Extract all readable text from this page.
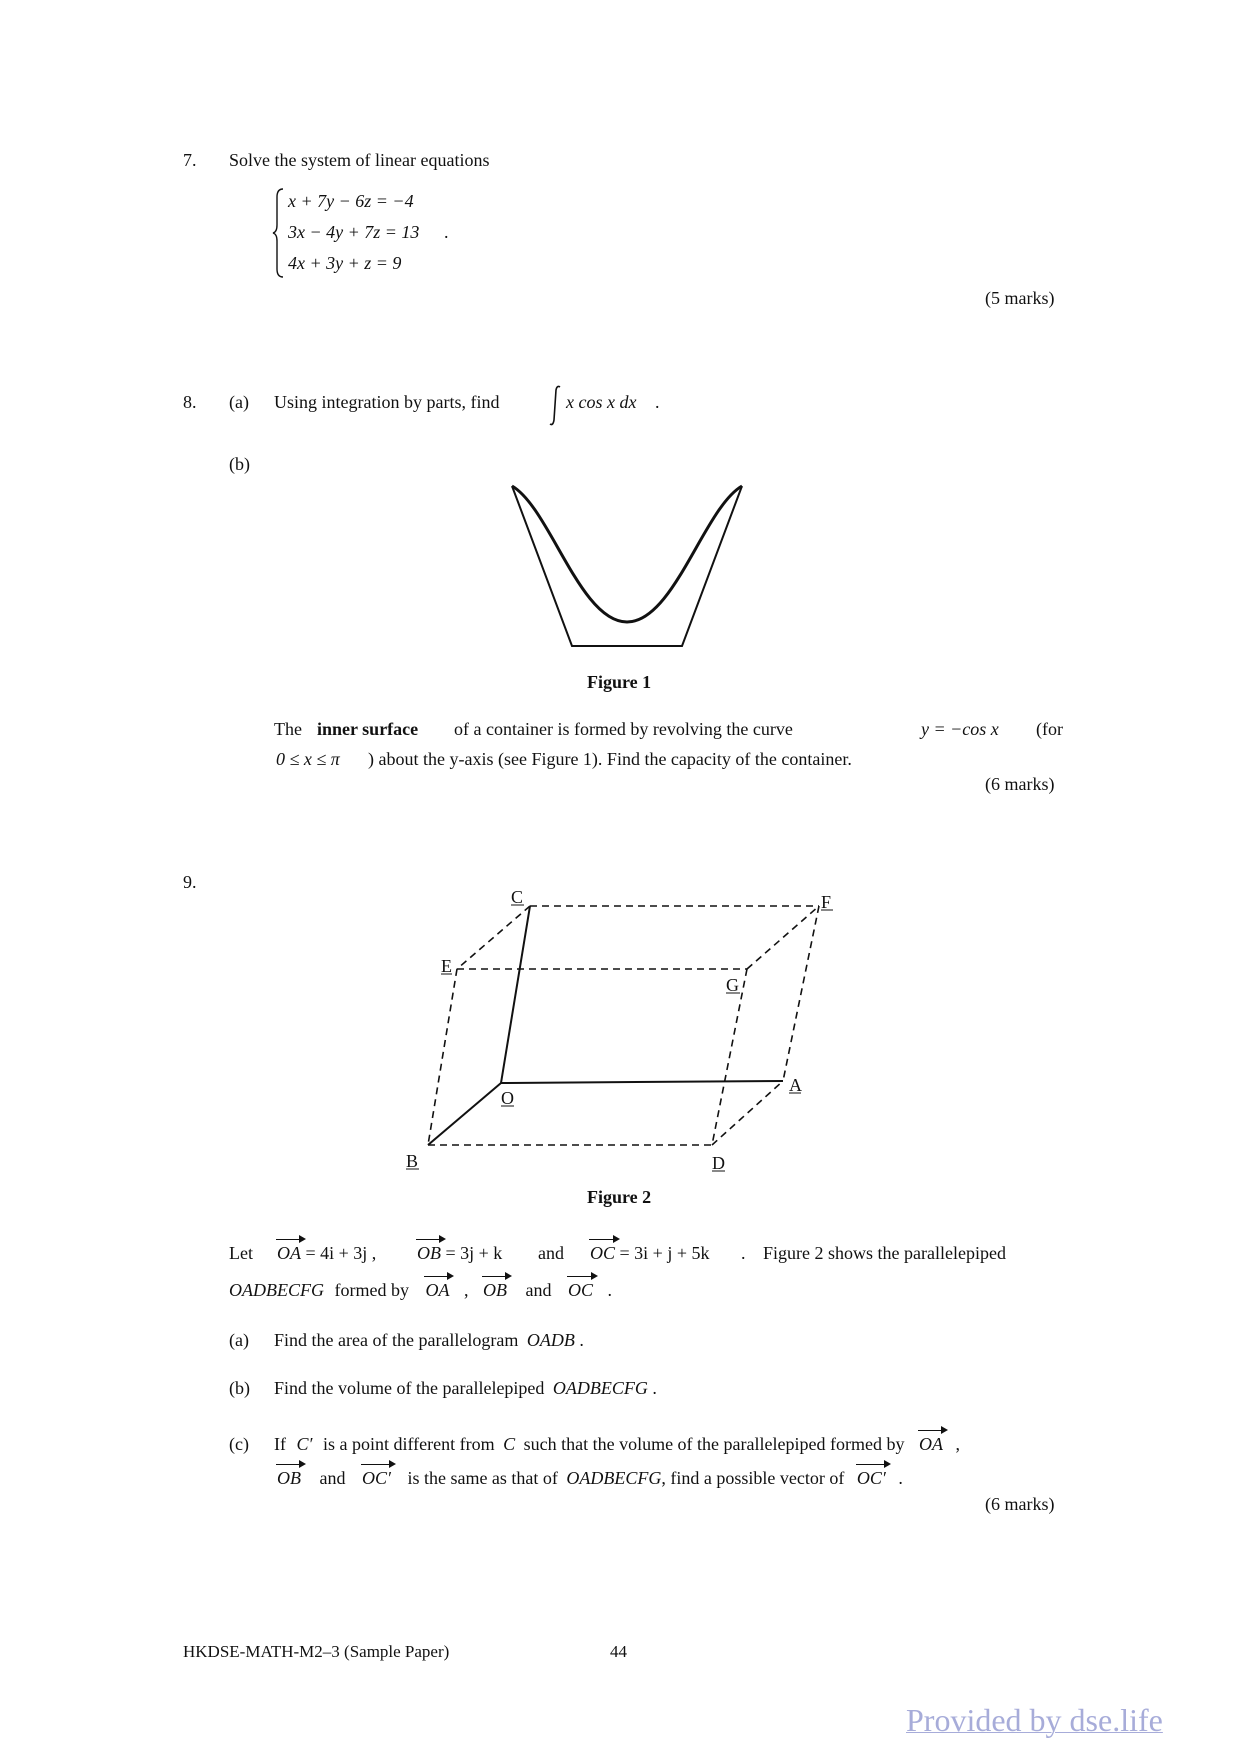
7. Solve the system of linear equations
x + 7y − 6z = −4
3x − 4y + 7z = 13 .
4x + 3y + z = 9
(5 marks)
8. (a) Using integration by parts, find	x cos x dx .
(b)
Figure 1
The inner surface of a container is formed by revolving the curve	y = −cos x (for
0 ≤ x ≤ π ) about the y-axis (see Figure 1). Find the capacity of the container.
(6 marks)
9.
C	F
E
G
O
A
B	D
Figure 2
Let OA = 4i + 3j , OB = 3j + k and OC = 3i + j + 5k . Figure 2 shows the parallelepiped
OADBECFG formed by OA , OB and OC .
(a) Find the area of the parallelogram OADB .
(b) Find the volume of the parallelepiped OADBECFG .
(c) If C′ is a point different from C such that the volume of the parallelepiped formed by OA ,
OB and OC′ is the same as that of OADBECFG, find a possible vector of OC′ .
(6 marks)
HKDSE-MATH-M2–3 (Sample Paper)	44
Provided by dse.life
